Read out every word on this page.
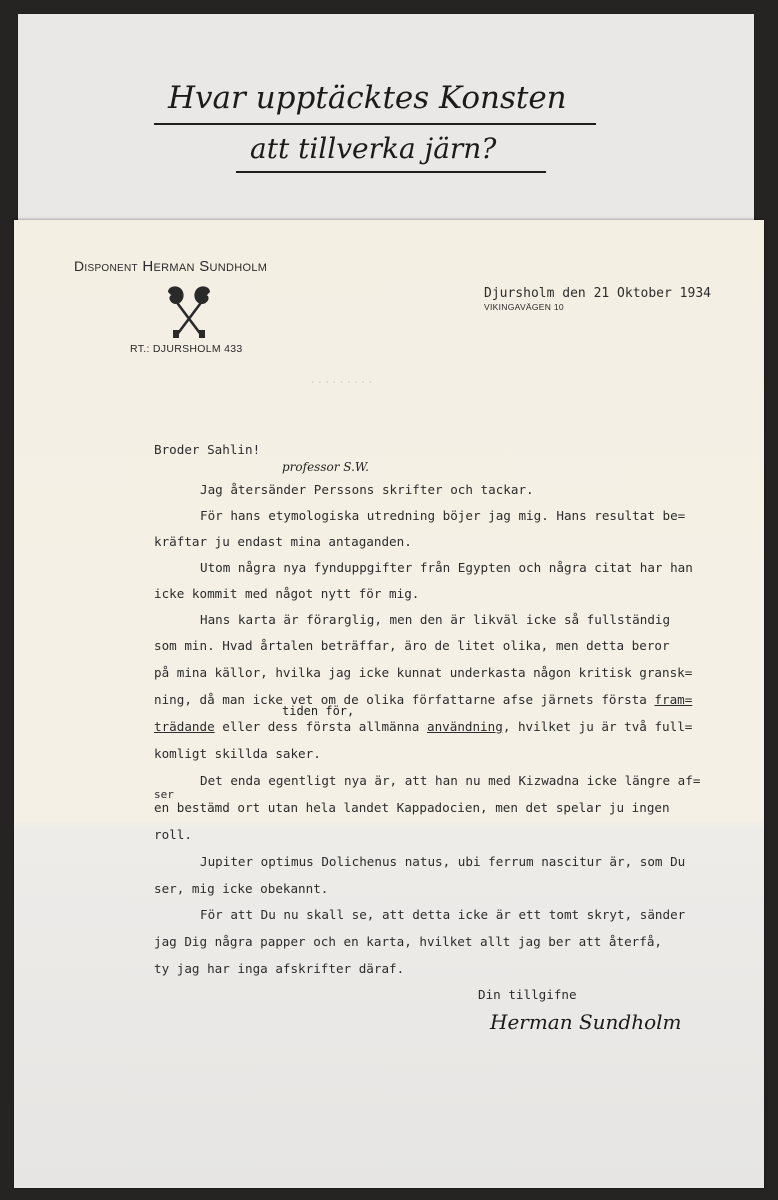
Hvar upptäcktes Konsten
att tillverka järn?
.........
Disponent Herman Sundholm
RT.: DJURSHOLM 433
Djursholm den 21 Oktober 1934
VIKINGAVÄGEN 10
Broder Sahlin!
professor S.W.
Jag återsänder Perssons skrifter och tackar.
För hans etymologiska utredning böjer jag mig. Hans resultat be=
kräftar ju endast mina antaganden.
Utom några nya fynduppgifter från Egypten och några citat har han
icke kommit med något nytt för mig.
Hans karta är förarglig, men den är likväl icke så fullständig
som min. Hvad årtalen beträffar, äro de litet olika, men detta beror
på mina källor, hvilka jag icke kunnat underkasta någon kritisk gransk=
ning, då man icke vet om de olika författarne afse järnets första fram=
tiden för,
trädande eller dess första allmänna användning, hvilket ju är två full=
komligt skillda saker.
Det enda egentligt nya är, att han nu med Kizwadna icke längre af=
ser
en bestämd ort utan hela landet Kappadocien, men det spelar ju ingen
roll.
Jupiter optimus Dolichenus natus, ubi ferrum nascitur är, som Du
ser, mig icke obekannt.
För att Du nu skall se, att detta icke är ett tomt skryt, sänder
jag Dig några papper och en karta, hvilket allt jag ber att återfå,
ty jag har inga afskrifter däraf.
Din tillgifne
Herman Sundholm
